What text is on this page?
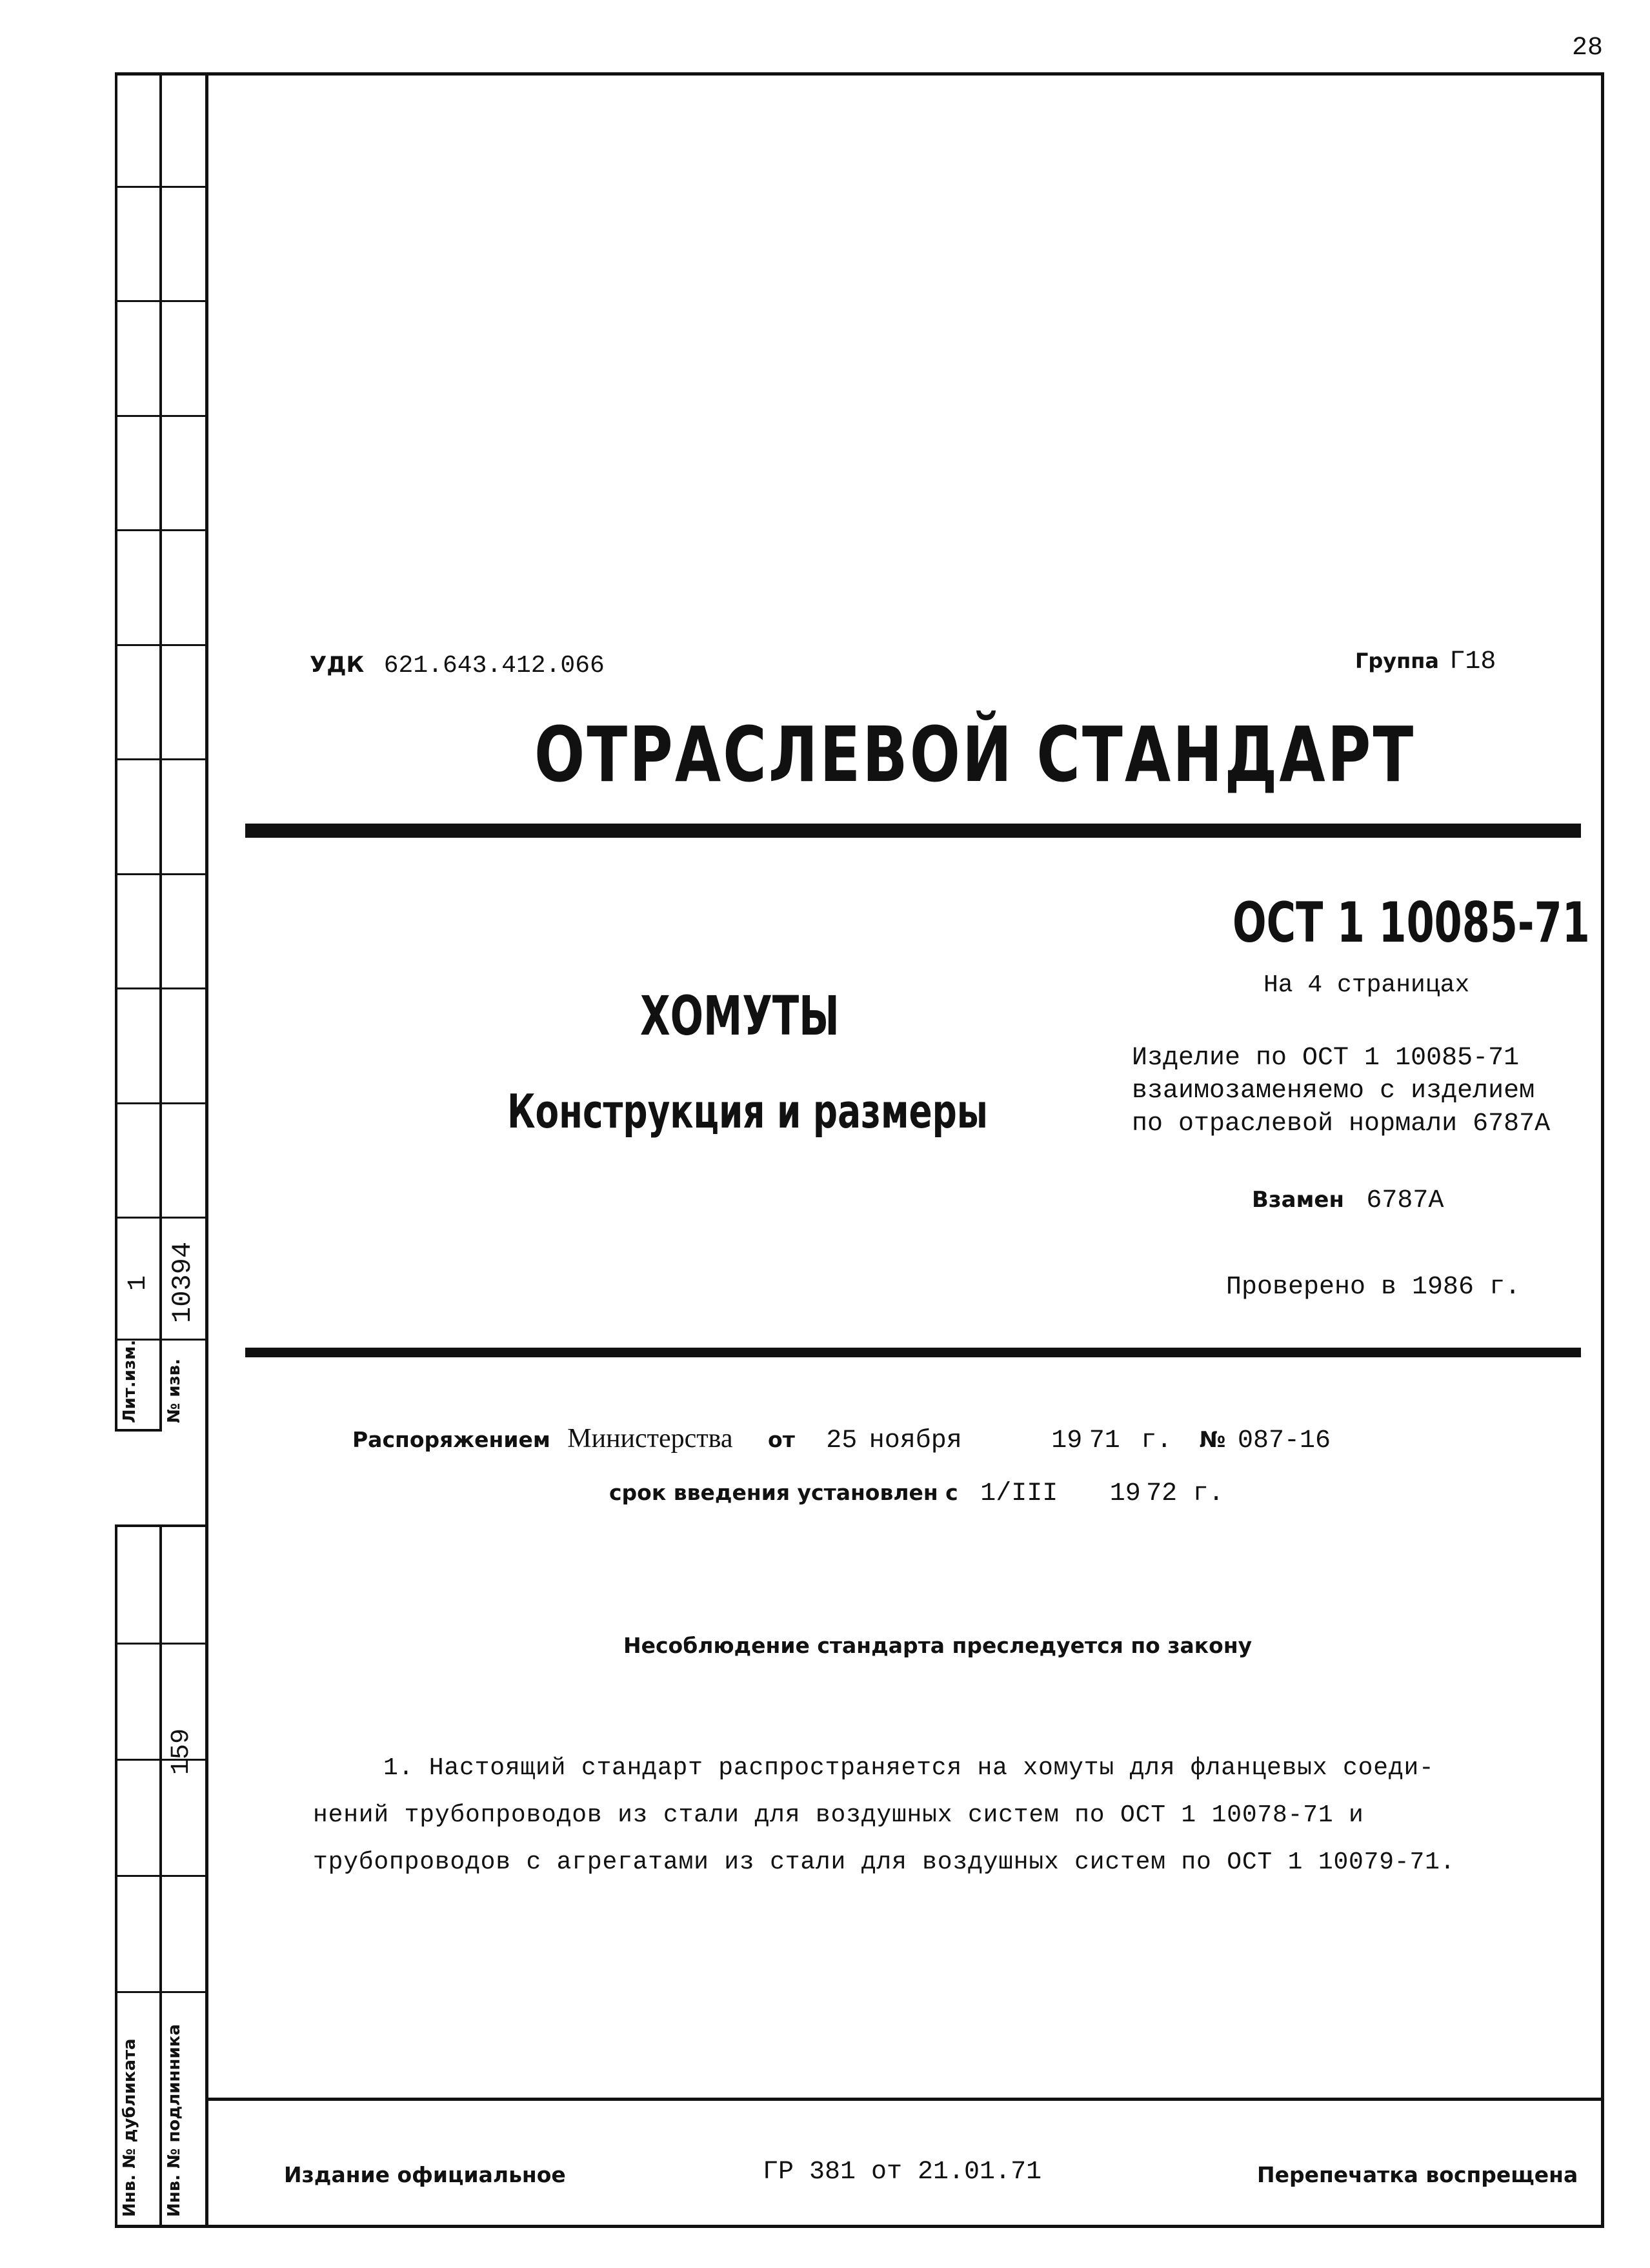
28
Лит.изм.
1
№ изв.
10394
159
Инв. № дубликата Инв. № подлинника
УДК 621.643.412.066	Группа Г18
ОТРАСЛЕВОЙ СТАНДАРТ
ОСТ 1 10085-71
На 4 страницах
ХОМУТЫ
Конструкция и размеры
Изделие по ОСТ 1 10085-71
взаимозаменяемо с изделием
по отраслевой нормали 6787А
Взамен 6787А
Проверено в 1986 г.
Распоряжением Министерства от 25 ноября	19 71 г. № 087-16
срок введения установлен с 1/III 19 72 г.
Несоблюдение стандарта преследуется по закону
1. Настоящий стандарт распространяется на хомуты для фланцевых соеди-
нений трубопроводов из стали для воздушных систем по ОСТ 1 10078-71 и
трубопроводов с агрегатами из стали для воздушных систем по ОСТ 1 10079-71.
Издание официальное	ГР 381 от 21.01.71	Перепечатка воспрещена
